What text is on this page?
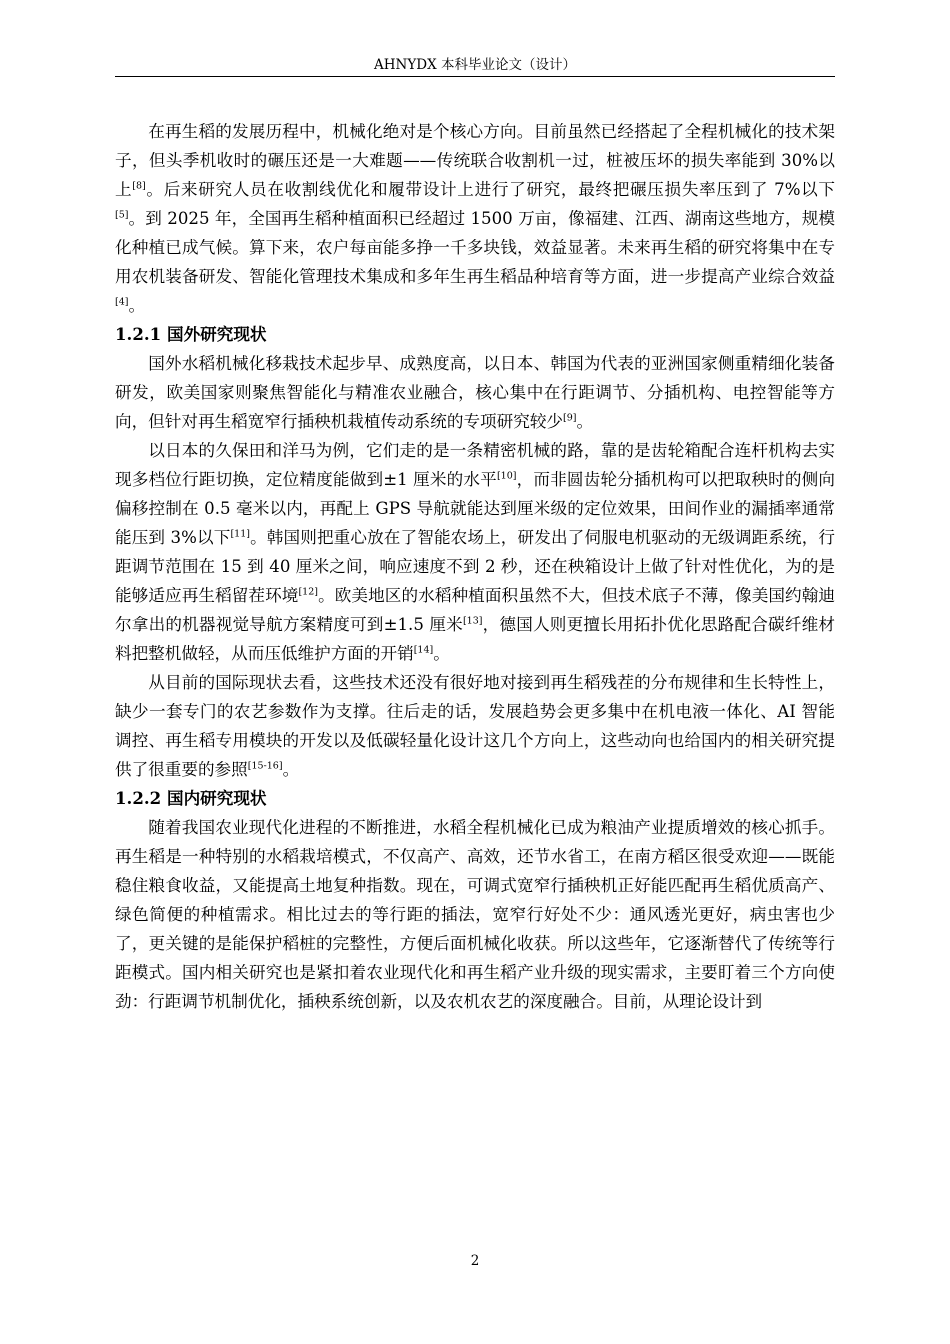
AHNYDX 本科毕业论文（设计）

在再生稻的发展历程中，机械化绝对是个核心方向。目前虽然已经搭起了全程机械化的技术架子，但头季机收时的碾压还是一大难题——传统联合收割机一过，桩被压坏的损失率能到 30%以上[8]。后来研究人员在收割线优化和履带设计上进行了研究，最终把碾压损失率压到了 7%以下[5]。到 2025 年，全国再生稻种植面积已经超过 1500 万亩，像福建、江西、湖南这些地方，规模化种植已成气候。算下来，农户每亩能多挣一千多块钱，效益显著。未来再生稻的研究将集中在专用农机装备研发、智能化管理技术集成和多年生再生稻品种培育等方面，进一步提高产业综合效益[4]。

1.2.1 国外研究现状

国外水稻机械化移栽技术起步早、成熟度高，以日本、韩国为代表的亚洲国家侧重精细化装备研发，欧美国家则聚焦智能化与精准农业融合，核心集中在行距调节、分插机构、电控智能等方向，但针对再生稻宽窄行插秧机栽植传动系统的专项研究较少[9]。

以日本的久保田和洋马为例，它们走的是一条精密机械的路，靠的是齿轮箱配合连杆机构去实现多档位行距切换，定位精度能做到±1 厘米的水平[10]，而非圆齿轮分插机构可以把取秧时的侧向偏移控制在 0.5 毫米以内，再配上 GPS 导航就能达到厘米级的定位效果，田间作业的漏插率通常能压到 3%以下[11]。韩国则把重心放在了智能农场上，研发出了伺服电机驱动的无级调距系统，行距调节范围在 15 到 40 厘米之间，响应速度不到 2 秒，还在秧箱设计上做了针对性优化，为的是能够适应再生稻留茬环境[12]。欧美地区的水稻种植面积虽然不大，但技术底子不薄，像美国约翰迪尔拿出的机器视觉导航方案精度可到±1.5 厘米[13]，德国人则更擅长用拓扑优化思路配合碳纤维材料把整机做轻，从而压低维护方面的开销[14]。

从目前的国际现状去看，这些技术还没有很好地对接到再生稻残茬的分布规律和生长特性上，缺少一套专门的农艺参数作为支撑。往后走的话，发展趋势会更多集中在机电液一体化、AI 智能调控、再生稻专用模块的开发以及低碳轻量化设计这几个方向上，这些动向也给国内的相关研究提供了很重要的参照[15-16]。

1.2.2 国内研究现状

随着我国农业现代化进程的不断推进，水稻全程机械化已成为粮油产业提质增效的核心抓手。再生稻是一种特别的水稻栽培模式，不仅高产、高效，还节水省工，在南方稻区很受欢迎——既能稳住粮食收益，又能提高土地复种指数。现在，可调式宽窄行插秧机正好能匹配再生稻优质高产、绿色简便的种植需求。相比过去的等行距的插法，宽窄行好处不少：通风透光更好，病虫害也少了，更关键的是能保护稻桩的完整性，方便后面机械化收获。所以这些年，它逐渐替代了传统等行距模式。国内相关研究也是紧扣着农业现代化和再生稻产业升级的现实需求，主要盯着三个方向使劲：行距调节机制优化，插秧系统创新，以及农机农艺的深度融合。目前，从理论设计到

2
